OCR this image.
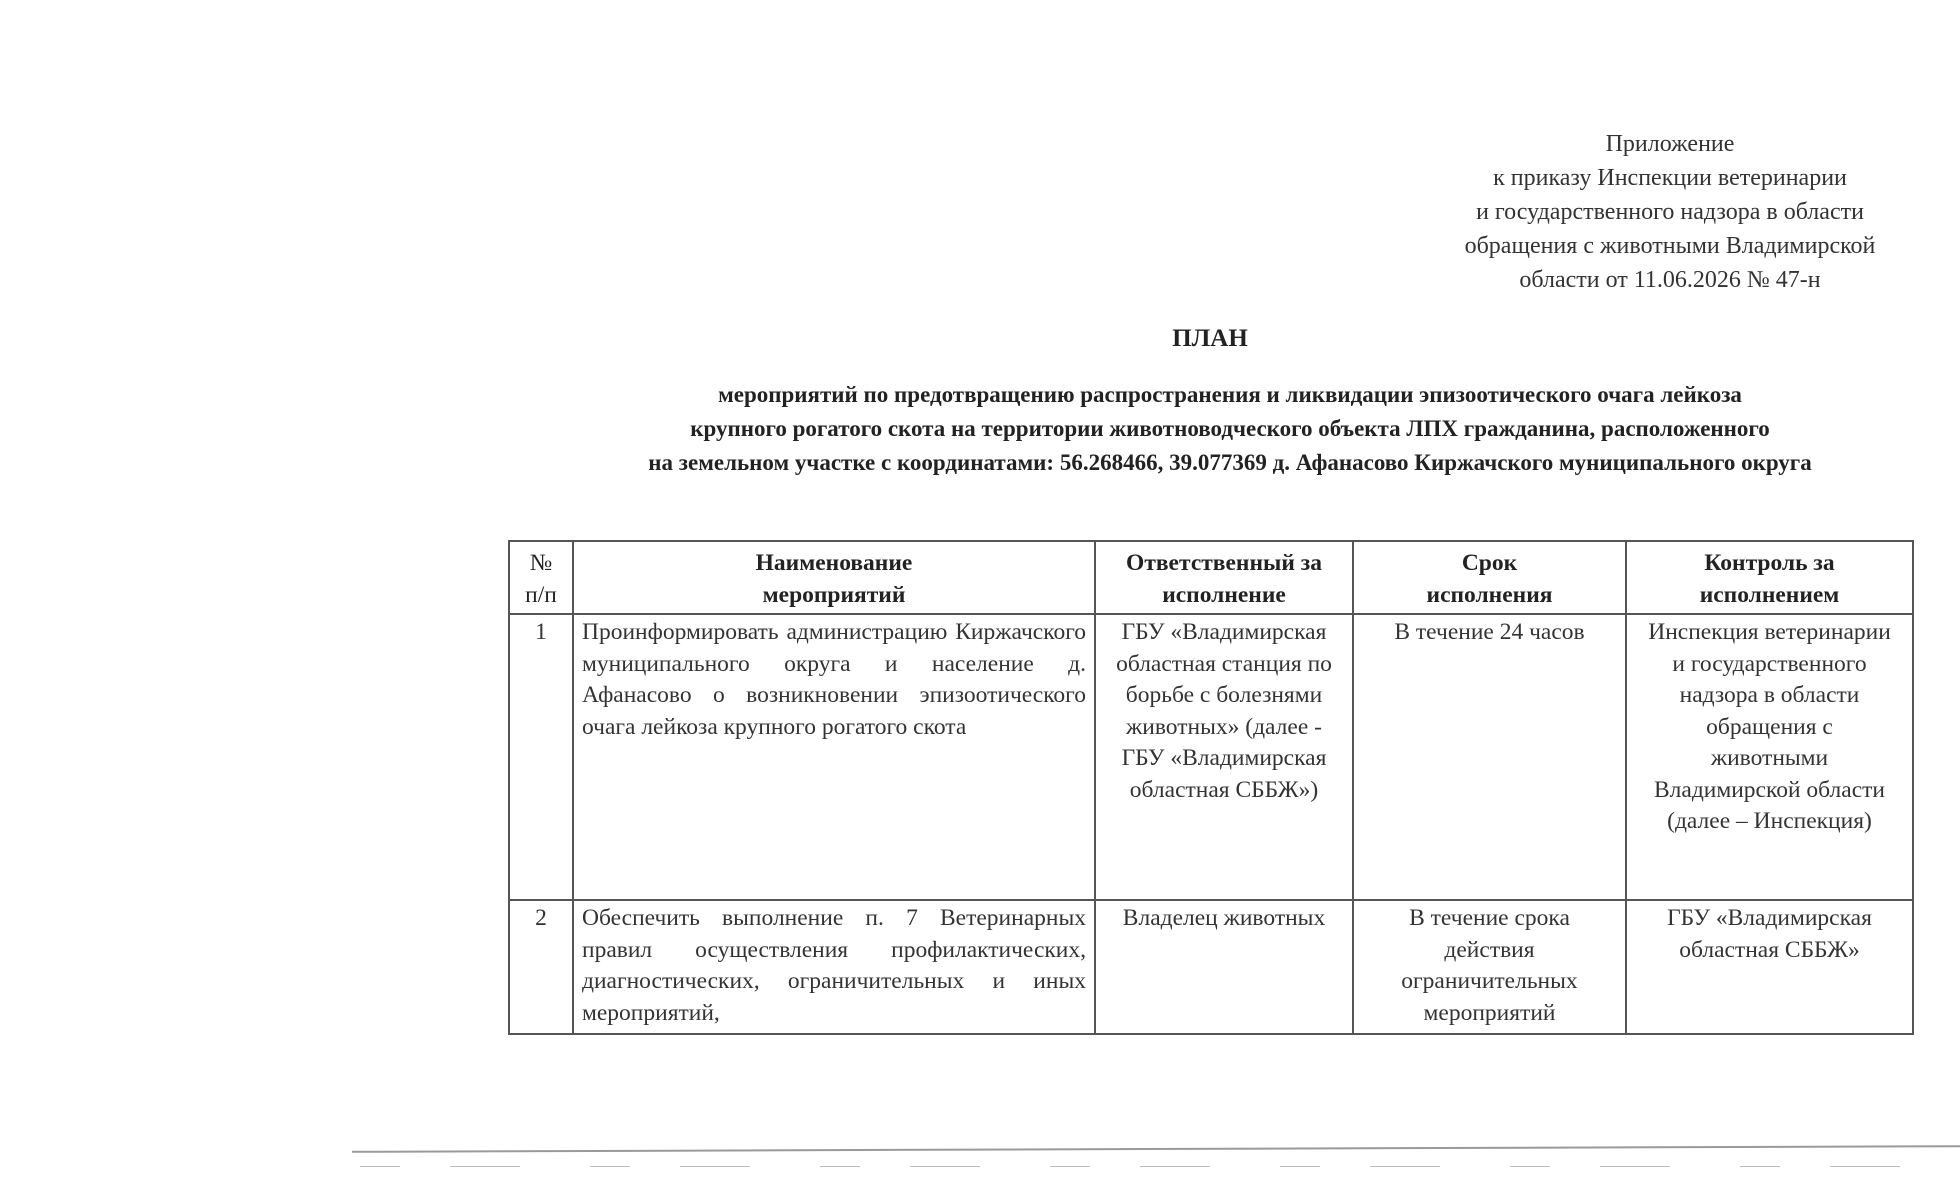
Приложение
к приказу Инспекции ветеринарии
и государственного надзора в области
обращения с животными Владимирской
области от 11.06.2026 № 47-н
ПЛАН
мероприятий по предотвращению распространения и ликвидации эпизоотического очага лейкоза
крупного рогатого скота на территории животноводческого объекта ЛПХ гражданина, расположенного
на земельном участке с координатами: 56.268466, 39.077369 д. Афанасово Киржачского муниципального округа
№ п/п	Наименование мероприятий	Ответственный за исполнение	Срок исполнения	Контроль за исполнением
1	Проинформировать администрацию Киржачского муниципального округа и население д. Афанасово о возникновении эпизоотического очага лейкоза крупного рогатого скота	ГБУ «Владимирская областная станция по борьбе с болезнями животных» (далее - ГБУ «Владимирская областная СББЖ»)	В течение 24 часов	Инспекция ветеринарии и государственного надзора в области обращения с животными Владимирской области (далее – Инспекция)
2	Обеспечить выполнение п. 7 Ветеринарных правил осуществления профилактических, диагностических, ограничительных и иных мероприятий,	Владелец животных	В течение срока действия ограничительных мероприятий	ГБУ «Владимирская областная СББЖ»
